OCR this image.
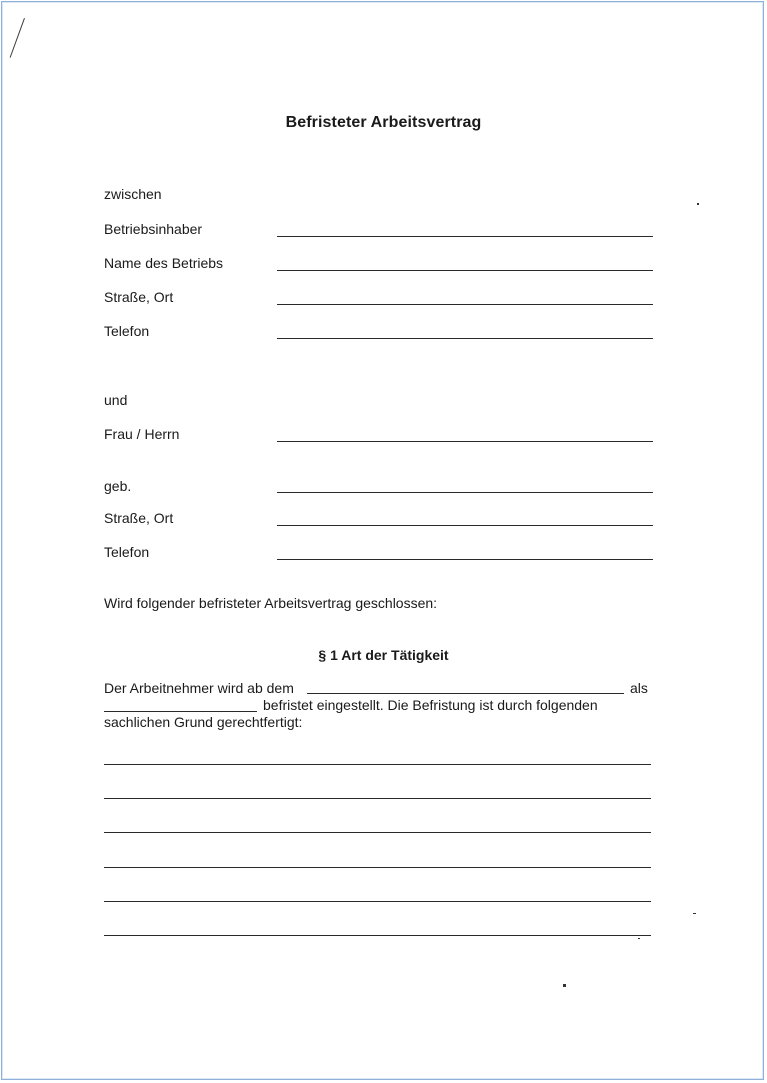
Befristeter Arbeitsvertrag
zwischen
Betriebsinhaber
Name des Betriebs
Straße, Ort
Telefon
und
Frau / Herrn
geb.
Straße, Ort
Telefon
Wird folgender befristeter Arbeitsvertrag geschlossen:
§ 1 Art der Tätigkeit
Der Arbeitnehmer wird ab dem	als
befristet eingestellt. Die Befristung ist durch folgenden
sachlichen Grund gerechtfertigt:
